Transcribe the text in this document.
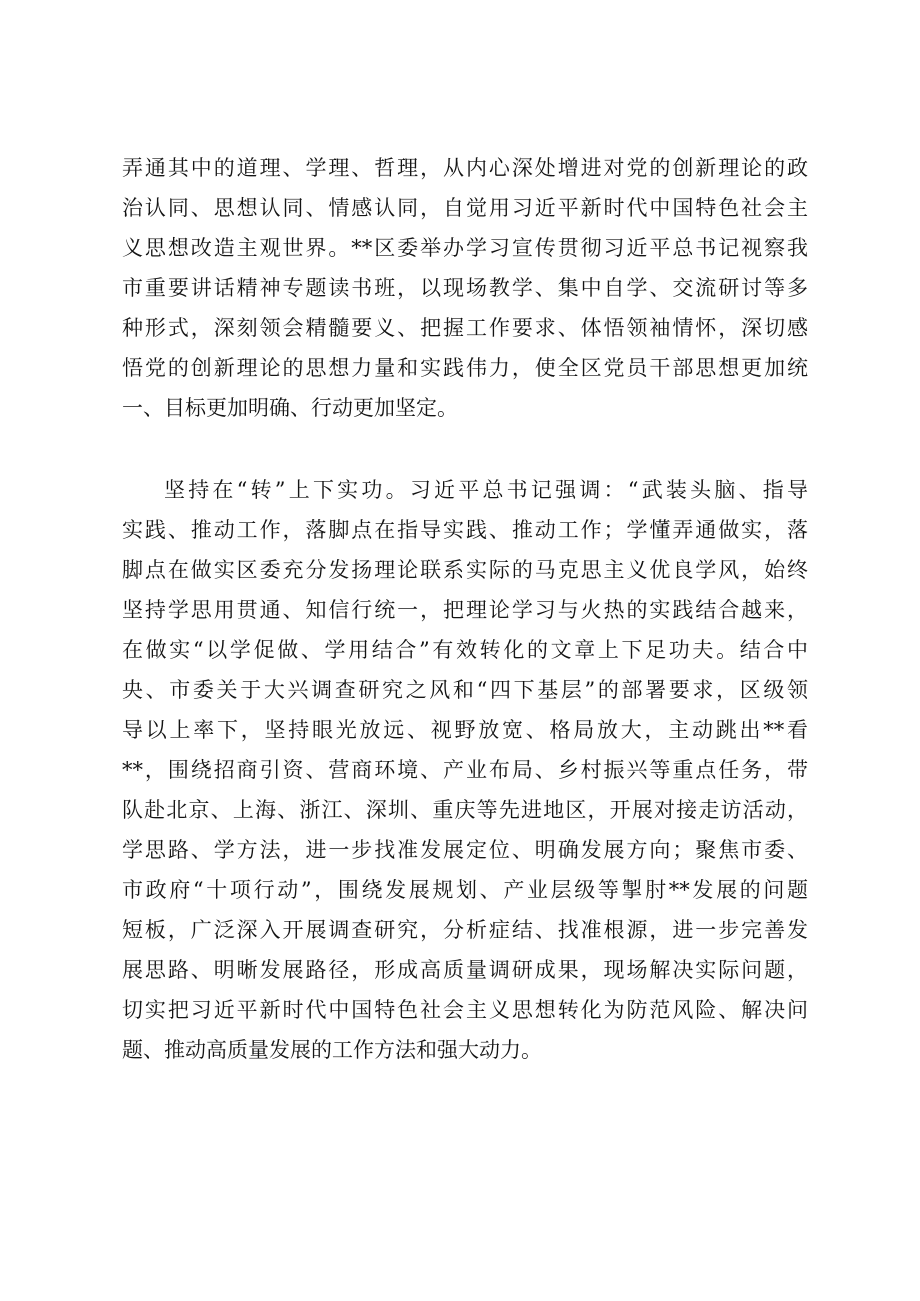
弄通其中的道理、学理、哲理，从内心深处增进对党的创新理论的政
治认同、思想认同、情感认同，自觉用习近平新时代中国特色社会主
义思想改造主观世界。**区委举办学习宣传贯彻习近平总书记视察我
市重要讲话精神专题读书班，以现场教学、集中自学、交流研讨等多
种形式，深刻领会精髓要义、把握工作要求、体悟领袖情怀，深切感
悟党的创新理论的思想力量和实践伟力，使全区党员干部思想更加统
一、目标更加明确、行动更加坚定。
坚持在“转”上下实功。习近平总书记强调：“武装头脑、指导
实践、推动工作，落脚点在指导实践、推动工作；学懂弄通做实，落
脚点在做实区委充分发扬理论联系实际的马克思主义优良学风，始终
坚持学思用贯通、知信行统一，把理论学习与火热的实践结合越来，
在做实“以学促做、学用结合”有效转化的文章上下足功夫。结合中
央、市委关于大兴调查研究之风和“四下基层”的部署要求，区级领
导以上率下，坚持眼光放远、视野放宽、格局放大，主动跳出**看
**，围绕招商引资、营商环境、产业布局、乡村振兴等重点任务，带
队赴北京、上海、浙江、深圳、重庆等先进地区，开展对接走访活动，
学思路、学方法，进一步找准发展定位、明确发展方向；聚焦市委、
市政府“十项行动”，围绕发展规划、产业层级等掣肘**发展的问题
短板，广泛深入开展调查研究，分析症结、找准根源，进一步完善发
展思路、明晰发展路径，形成高质量调研成果，现场解决实际问题，
切实把习近平新时代中国特色社会主义思想转化为防范风险、解决问
题、推动高质量发展的工作方法和强大动力。
